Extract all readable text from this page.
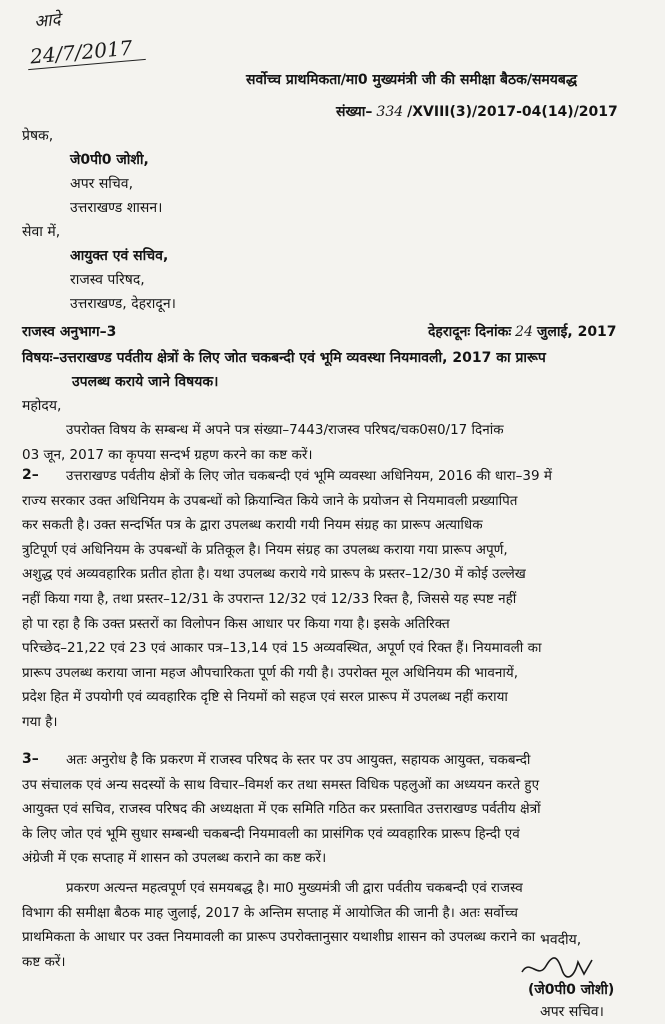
आदे
24/7/2017
सर्वोच्च प्राथमिकता/मा0 मुख्यमंत्री जी की समीक्षा बैठक/समयबद्ध
संख्या– 334 /XVIII(3)/2017-04(14)/2017
प्रेषक,
जे0पी0 जोशी,
अपर सचिव,
उत्तराखण्ड शासन।
सेवा में,
आयुक्त एवं सचिव,
राजस्व परिषद,
उत्तराखण्ड, देहरादून।
राजस्व अनुभाग–3	देहरादूनः दिनांकः 24 जुलाई, 2017
विषयः–उत्तराखण्ड पर्वतीय क्षेत्रों के लिए जोत चकबन्दी एवं भूमि व्यवस्था नियमावली, 2017 का प्रारूप
उपलब्ध कराये जाने विषयक।
महोदय,
उपरोक्त विषय के सम्बन्ध में अपने पत्र संख्या–7443/राजस्व परिषद/चक0स0/17 दिनांक
03 जून, 2017 का कृपया सन्दर्भ ग्रहण करने का कष्ट करें।
2–	उत्तराखण्ड पर्वतीय क्षेत्रों के लिए जोत चकबन्दी एवं भूमि व्यवस्था अधिनियम, 2016 की धारा–39 में
राज्य सरकार उक्त अधिनियम के उपबन्धों को क्रियान्वित किये जाने के प्रयोजन से नियमावली प्रख्यापित
कर सकती है। उक्त सन्दर्भित पत्र के द्वारा उपलब्ध करायी गयी नियम संग्रह का प्रारूप अत्याधिक
त्रुटिपूर्ण एवं अधिनियम के उपबन्धों के प्रतिकूल है। नियम संग्रह का उपलब्ध कराया गया प्रारूप अपूर्ण,
अशुद्ध एवं अव्यवहारिक प्रतीत होता है। यथा उपलब्ध कराये गये प्रारूप के प्रस्तर–12/30 में कोई उल्लेख
नहीं किया गया है, तथा प्रस्तर–12/31 के उपरान्त 12/32 एवं 12/33 रिक्त है, जिससे यह स्पष्ट नहीं
हो पा रहा है कि उक्त प्रस्तरों का विलोपन किस आधार पर किया गया है। इसके अतिरिक्त
परिच्छेद–21,22 एवं 23 एवं आकार पत्र–13,14 एवं 15 अव्यवस्थित, अपूर्ण एवं रिक्त हैं। नियमावली का
प्रारूप उपलब्ध कराया जाना महज औपचारिकता पूर्ण की गयी है। उपरोक्त मूल अधिनियम की भावनायें,
प्रदेश हित में उपयोगी एवं व्यवहारिक दृष्टि से नियमों को सहज एवं सरल प्रारूप में उपलब्ध नहीं कराया
गया है।
3–	अतः अनुरोध है कि प्रकरण में राजस्व परिषद के स्तर पर उप आयुक्त, सहायक आयुक्त, चकबन्दी
उप संचालक एवं अन्य सदस्यों के साथ विचार–विमर्श कर तथा समस्त विधिक पहलुओं का अध्ययन करते हुए
आयुक्त एवं सचिव, राजस्व परिषद की अध्यक्षता में एक समिति गठित कर प्रस्तावित उत्तराखण्ड पर्वतीय क्षेत्रों
के लिए जोत एवं भूमि सुधार सम्बन्धी चकबन्दी नियमावली का प्रासंगिक एवं व्यवहारिक प्रारूप हिन्दी एवं
अंग्रेजी में एक सप्ताह में शासन को उपलब्ध कराने का कष्ट करें।
प्रकरण अत्यन्त महत्वपूर्ण एवं समयबद्ध है। मा0 मुख्यमंत्री जी द्वारा पर्वतीय चकबन्दी एवं राजस्व
विभाग की समीक्षा बैठक माह जुलाई, 2017 के अन्तिम सप्ताह में आयोजित की जानी है। अतः सर्वोच्च
प्राथमिकता के आधार पर उक्त नियमावली का प्रारूप उपरोक्तानुसार यथाशीघ्र शासन को उपलब्ध कराने का
कष्ट करें।
भवदीय,
(जे0पी0 जोशी)
अपर सचिव।
